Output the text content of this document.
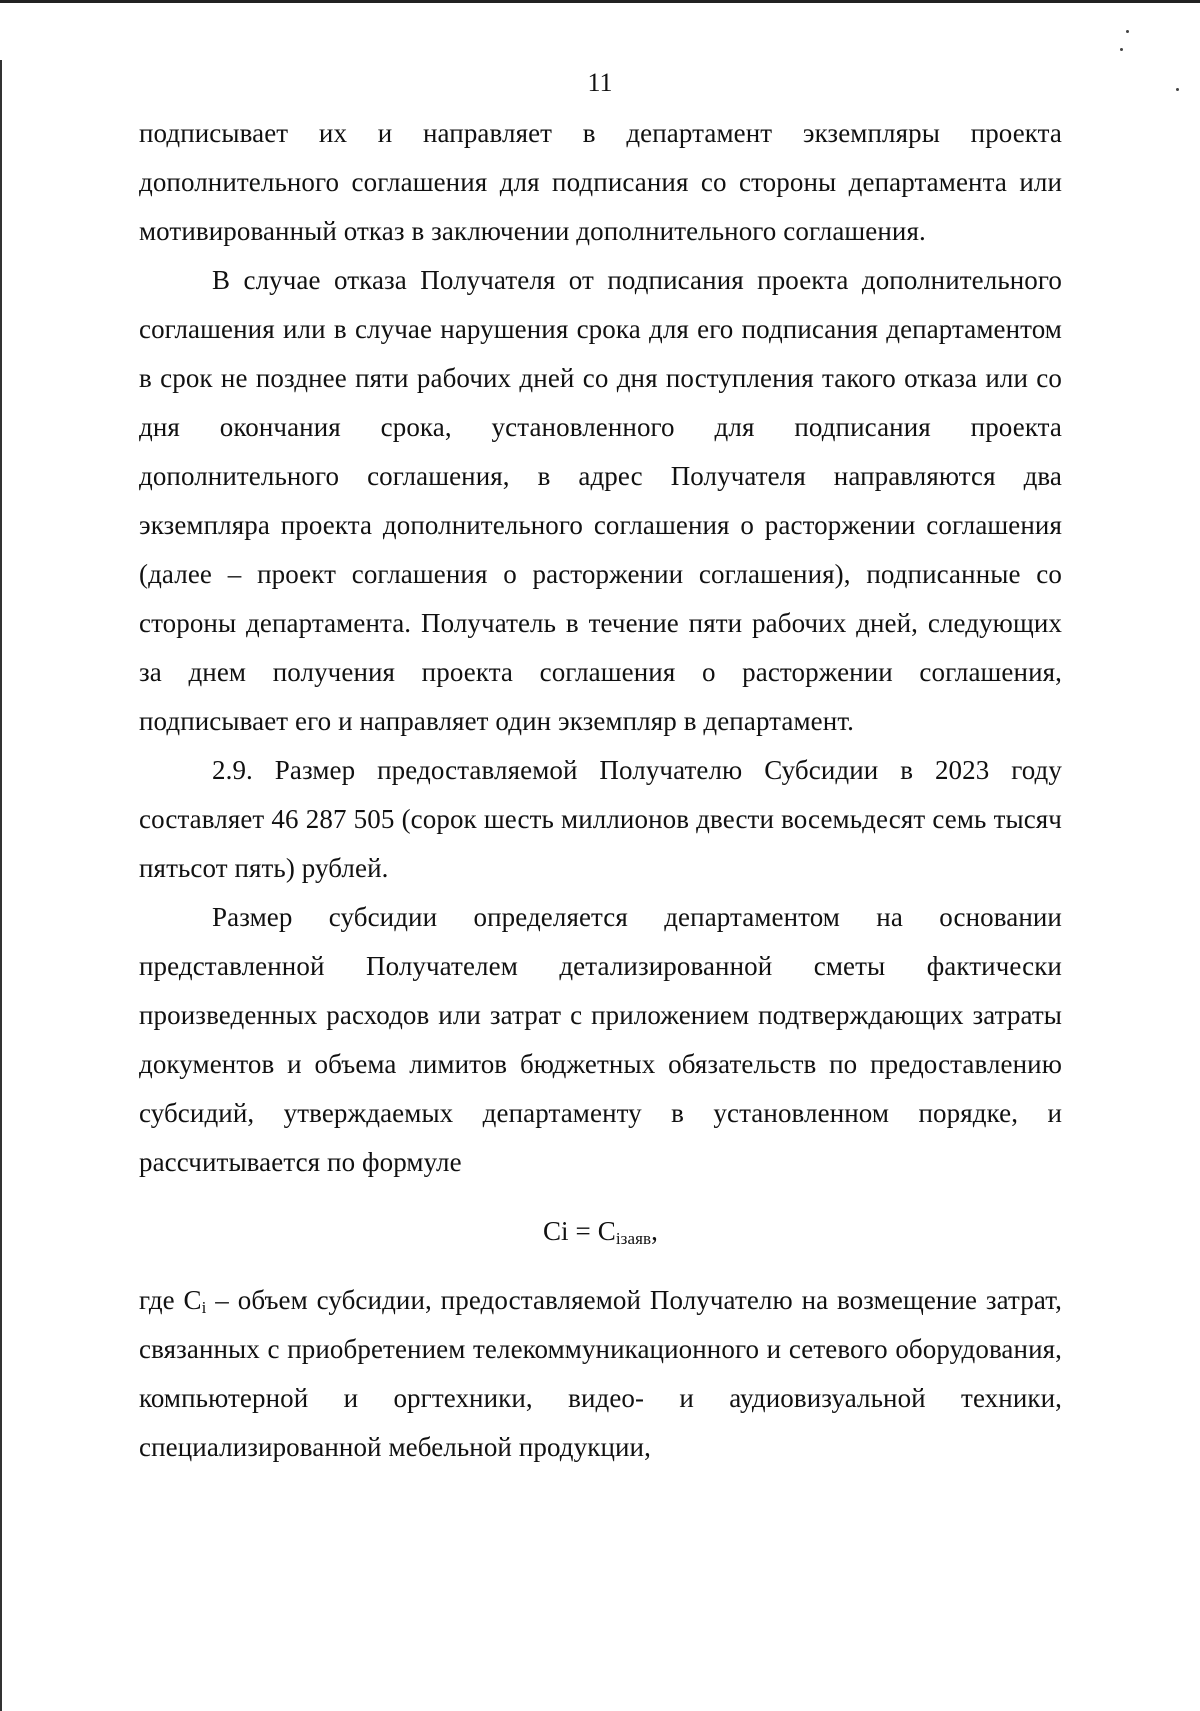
11

подписывает их и направляет в департамент экземпляры проекта дополнительного соглашения для подписания со стороны департамента или мотивированный отказ в заключении дополнительного соглашения.

В случае отказа Получателя от подписания проекта дополнительного соглашения или в случае нарушения срока для его подписания департаментом в срок не позднее пяти рабочих дней со дня поступления такого отказа или со дня окончания срока, установленного для подписания проекта дополнительного соглашения, в адрес Получателя направляются два экземпляра проекта дополнительного соглашения о расторжении соглашения (далее – проект соглашения о расторжении соглашения), подписанные со стороны департамента. Получатель в течение пяти рабочих дней, следующих за днем получения проекта соглашения о расторжении соглашения, подписывает его и направляет один экземпляр в департамент.

2.9. Размер предоставляемой Получателю Субсидии в 2023 году составляет 46 287 505 (сорок шесть миллионов двести восемьдесят семь тысяч пятьсот пять) рублей.

Размер субсидии определяется департаментом на основании представленной Получателем детализированной сметы фактически произведенных расходов или затрат с приложением подтверждающих затраты документов и объема лимитов бюджетных обязательств по предоставлению субсидий, утверждаемых департаменту в установленном порядке, и рассчитывается по формуле

$Ci = C_{iзаяв}$,

где $C_i$ – объем субсидии, предоставляемой Получателю на возмещение затрат, связанных с приобретением телекоммуникационного и сетевого оборудования, компьютерной и оргтехники, видео- и аудиовизуальной техники, специализированной мебельной продукции,
